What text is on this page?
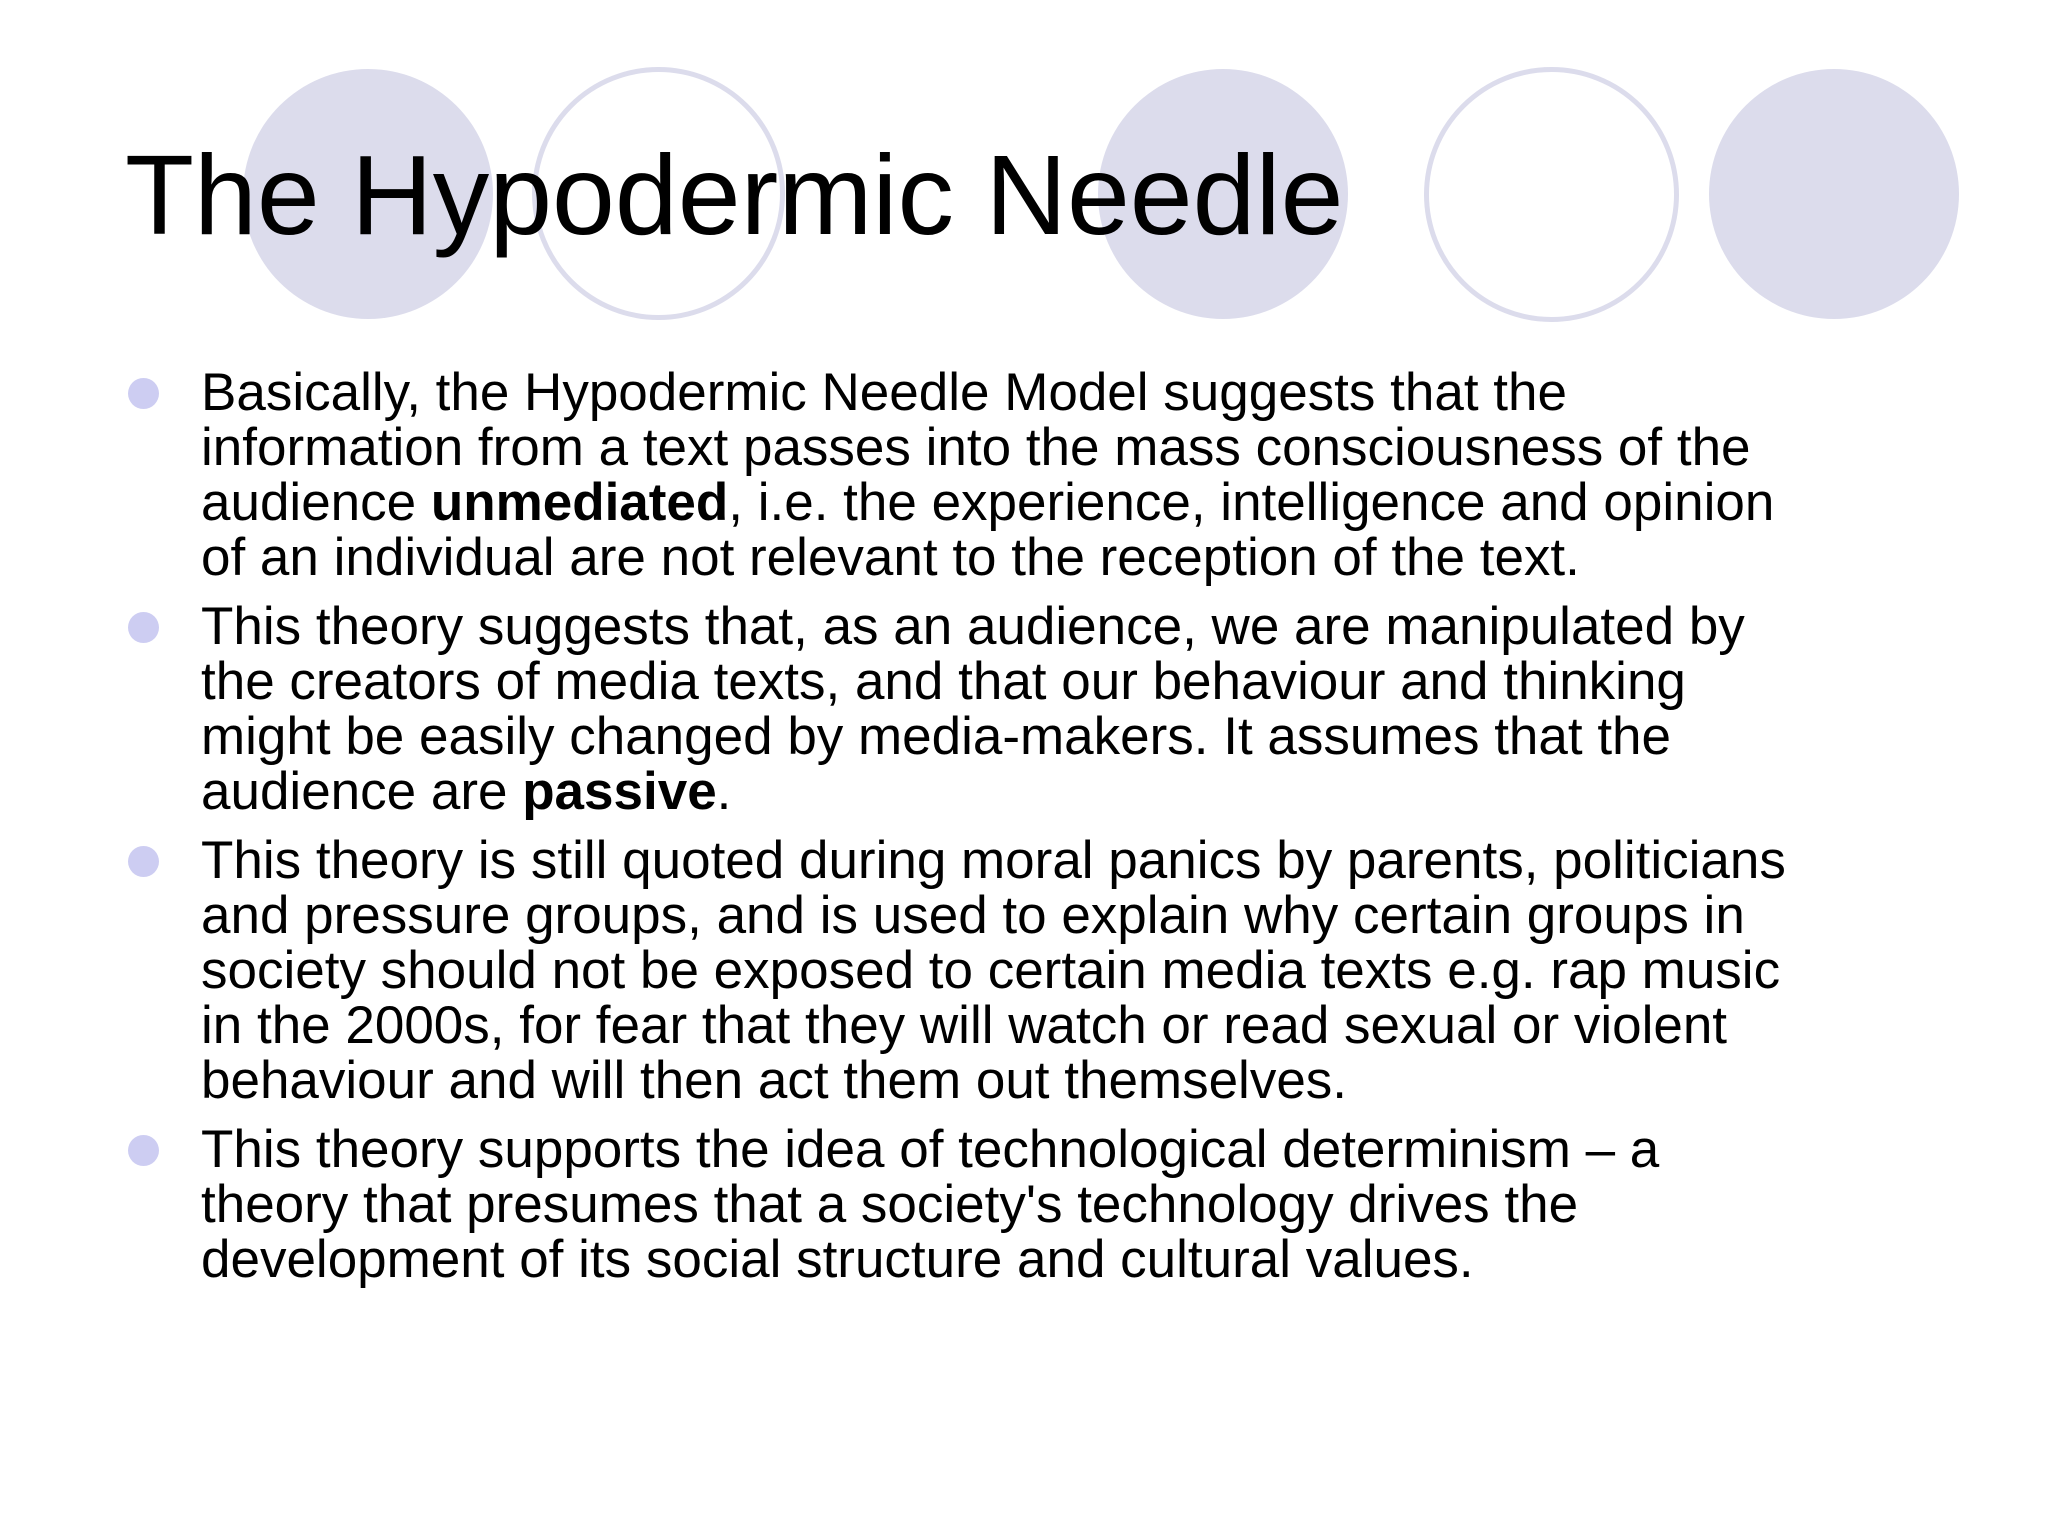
The Hypodermic Needle
Basically, the Hypodermic Needle Model suggests that the
information from a text passes into the mass consciousness of the
audience unmediated, i.e. the experience, intelligence and opinion
of an individual are not relevant to the reception of the text.
This theory suggests that, as an audience, we are manipulated by
the creators of media texts, and that our behaviour and thinking
might be easily changed by media-makers. It assumes that the
audience are passive.
This theory is still quoted during moral panics by parents, politicians
and pressure groups, and is used to explain why certain groups in
society should not be exposed to certain media texts e.g. rap music
in the 2000s, for fear that they will watch or read sexual or violent
behaviour and will then act them out themselves.
This theory supports the idea of technological determinism – a
theory that presumes that a society's technology drives the
development of its social structure and cultural values.
